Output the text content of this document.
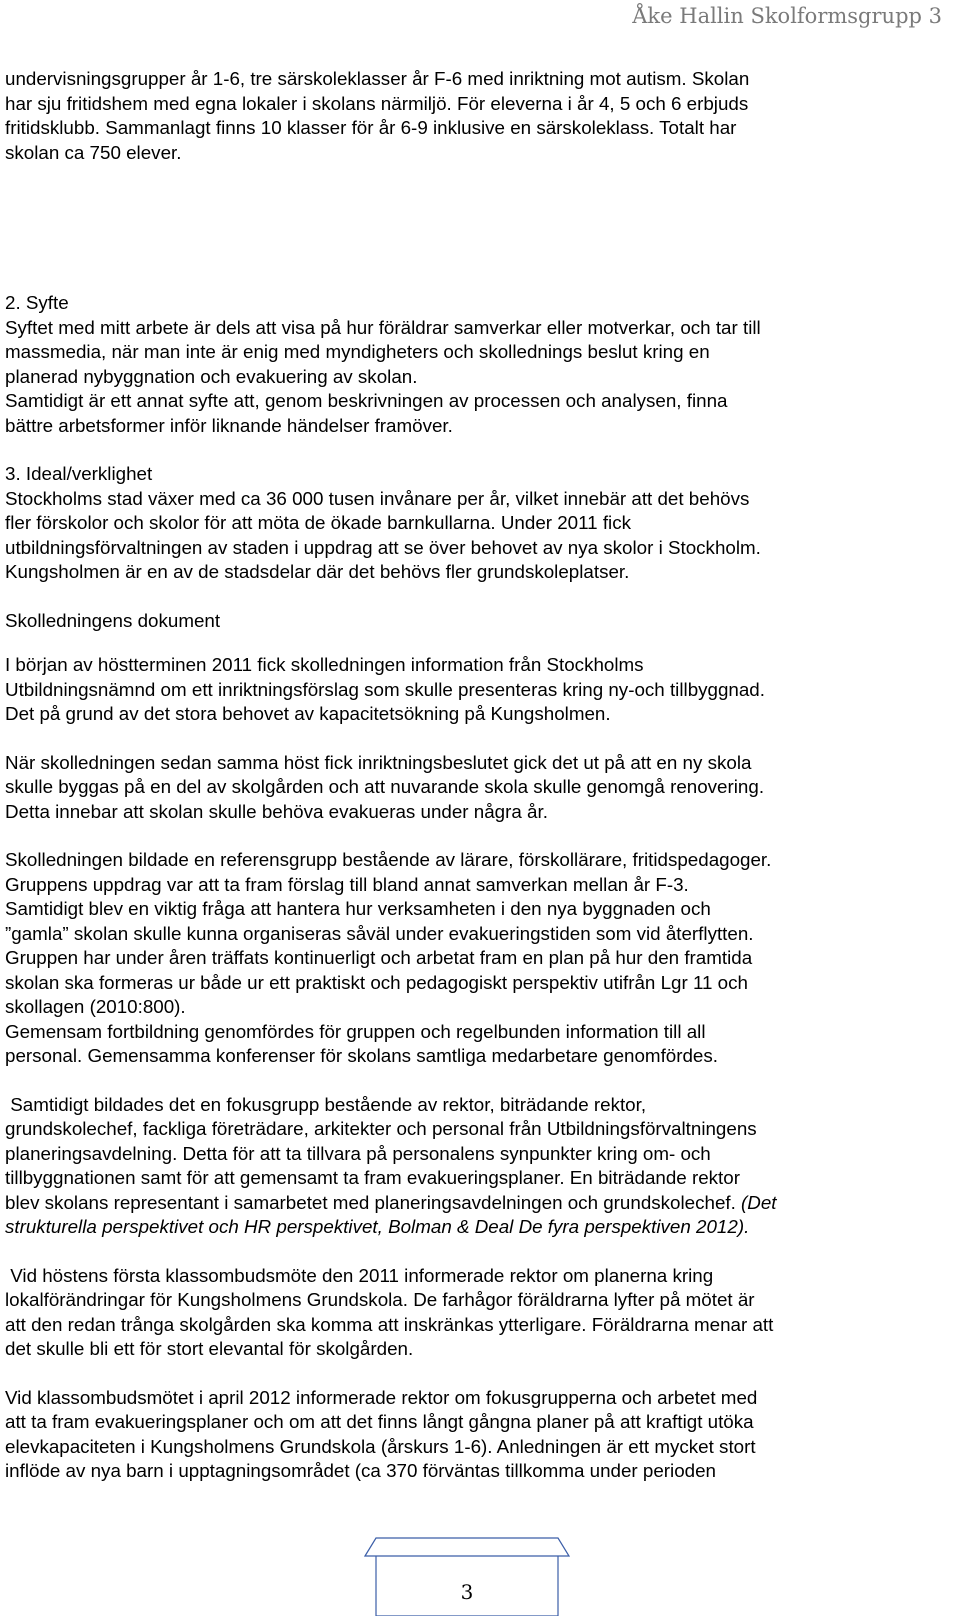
Åke Hallin Skolformsgrupp 3

undervisningsgrupper år 1-6, tre särskoleklasser år F-6 med inriktning mot autism. Skolan
har sju fritidshem med egna lokaler i skolans närmiljö. För eleverna i år 4, 5 och 6 erbjuds
fritidsklubb. Sammanlagt finns 10 klasser för år 6-9 inklusive en särskoleklass. Totalt har
skolan ca 750 elever.

2. Syfte
Syftet med mitt arbete är dels att visa på hur föräldrar samverkar eller motverkar, och tar till
massmedia, när man inte är enig med myndigheters och skollednings beslut kring en
planerad nybyggnation och evakuering av skolan.
Samtidigt är ett annat syfte att, genom beskrivningen av processen och analysen, finna
bättre arbetsformer inför liknande händelser framöver.

3. Ideal/verklighet
Stockholms stad växer med ca 36 000 tusen invånare per år, vilket innebär att det behövs
fler förskolor och skolor för att möta de ökade barnkullarna. Under 2011 fick
utbildningsförvaltningen av staden i uppdrag att se över behovet av nya skolor i Stockholm.
Kungsholmen är en av de stadsdelar där det behövs fler grundskoleplatser.

Skolledningens dokument

I början av höstterminen 2011 fick skolledningen information från Stockholms
Utbildningsnämnd om ett inriktningsförslag som skulle presenteras kring ny-och tillbyggnad.
Det på grund av det stora behovet av kapacitetsökning på Kungsholmen.

När skolledningen sedan samma höst fick inriktningsbeslutet gick det ut på att en ny skola
skulle byggas på en del av skolgården och att nuvarande skola skulle genomgå renovering.
Detta innebar att skolan skulle behöva evakueras under några år.

Skolledningen bildade en referensgrupp bestående av lärare, förskollärare, fritidspedagoger.
Gruppens uppdrag var att ta fram förslag till bland annat samverkan mellan år F-3.
Samtidigt blev en viktig fråga att hantera hur verksamheten i den nya byggnaden och
”gamla” skolan skulle kunna organiseras såväl under evakueringstiden som vid återflytten.
Gruppen har under åren träffats kontinuerligt och arbetat fram en plan på hur den framtida
skolan ska formeras ur både ur ett praktiskt och pedagogiskt perspektiv utifrån Lgr 11 och
skollagen (2010:800).
Gemensam fortbildning genomfördes för gruppen och regelbunden information till all
personal. Gemensamma konferenser för skolans samtliga medarbetare genomfördes.

Samtidigt bildades det en fokusgrupp bestående av rektor, biträdande rektor,
grundskolechef, fackliga företrädare, arkitekter och personal från Utbildningsförvaltningens
planeringsavdelning. Detta för att ta tillvara på personalens synpunkter kring om- och
tillbyggnationen samt för att gemensamt ta fram evakueringsplaner. En biträdande rektor
blev skolans representant i samarbetet med planeringsavdelningen och grundskolechef. (Det
strukturella perspektivet och HR perspektivet, Bolman & Deal De fyra perspektiven 2012).

Vid höstens första klassombudsmöte den 2011 informerade rektor om planerna kring
lokalförändringar för Kungsholmens Grundskola. De farhågor föräldrarna lyfter på mötet är
att den redan trånga skolgården ska komma att inskränkas ytterligare. Föräldrarna menar att
det skulle bli ett för stort elevantal för skolgården.

Vid klassombudsmötet i april 2012 informerade rektor om fokusgrupperna och arbetet med
att ta fram evakueringsplaner och om att det finns långt gångna planer på att kraftigt utöka
elevkapaciteten i Kungsholmens Grundskola (årskurs 1-6). Anledningen är ett mycket stort
inflöde av nya barn i upptagningsområdet (ca 370 förväntas tillkomma under perioden

3
